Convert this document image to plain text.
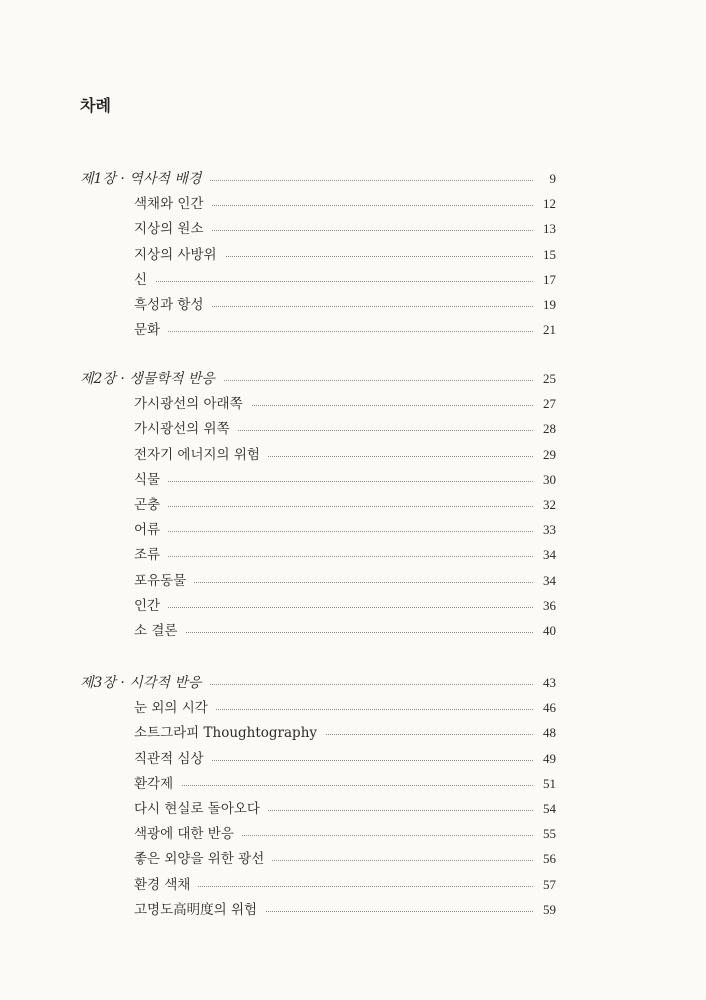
차례
제1장 · 역사적 배경	9
색채와 인간	12
지상의 원소	13
지상의 사방위	15
신	17
흑성과 항성	19
문화	21
제2장 · 생물학적 반응	25
가시광선의 아래쪽	27
가시광선의 위쪽	28
전자기 에너지의 위험	29
식물	30
곤충	32
어류	33
조류	34
포유동물	34
인간	36
소 결론	40
제3장 · 시각적 반응	43
눈 외의 시각	46
소트그라피 Thoughtography	48
직관적 심상	49
환각제	51
다시 현실로 돌아오다	54
색광에 대한 반응	55
좋은 외양을 위한 광선	56
환경 색채	57
고명도高明度의 위험	59
